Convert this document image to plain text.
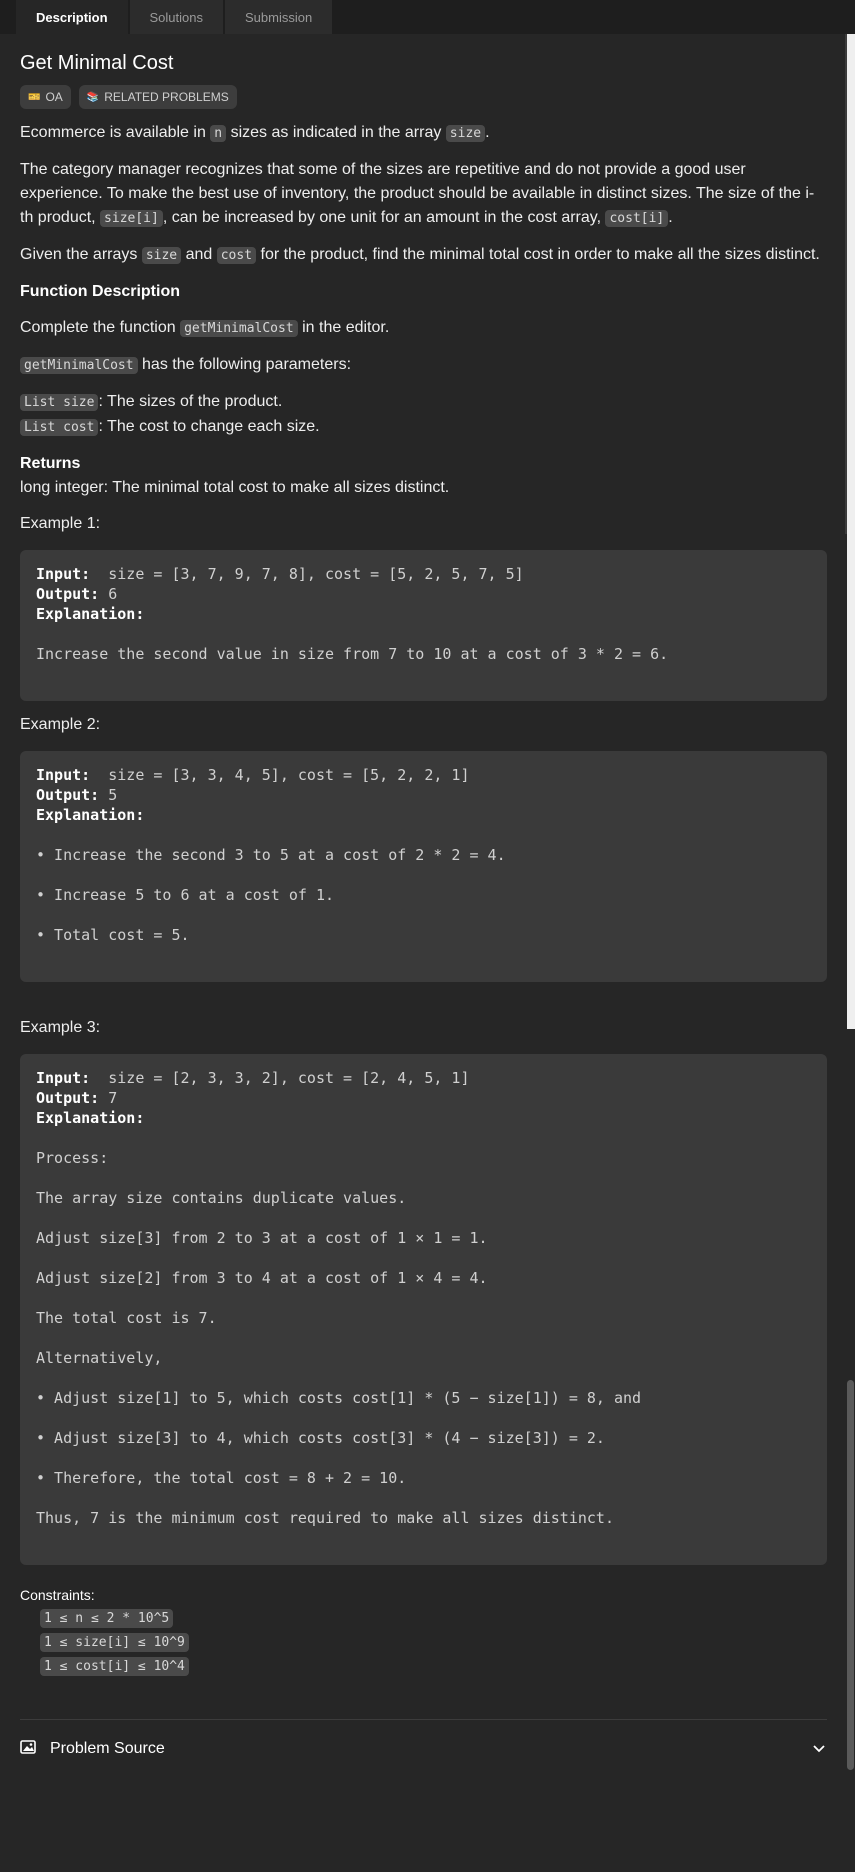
Description	Solutions	Submission
Get Minimal Cost
🎫 OA 📚 RELATED PROBLEMS

Ecommerce is available in n sizes as indicated in the array size .

The category manager recognizes that some of the sizes are repetitive and do not provide a good user experience. To make the best use of inventory, the product should be available in distinct sizes. The size of the i-th product, size[i] , can be increased by one unit for an amount in the cost array, cost[i] .

Given the arrays size and cost for the product, find the minimal total cost in order to make all the sizes distinct.

Function Description

Complete the function getMinimalCost in the editor.

getMinimalCost has the following parameters:

List size : The sizes of the product.

List cost : The cost to change each size.

Returns

long integer: The minimal total cost to make all sizes distinct.

Example 1:
Input: size = [3, 7, 9, 7, 8], cost = [5, 2, 5, 7, 5]
Output: 6
Explanation:
Increase the second value in size from 7 to 10 at a cost of 3 * 2 = 6.
Example 2:
Input: size = [3, 3, 4, 5], cost = [5, 2, 2, 1]
Output: 5
Explanation:
• Increase the second 3 to 5 at a cost of 2 * 2 = 4.
• Increase 5 to 6 at a cost of 1.
• Total cost = 5.
Example 3:
Input: size = [2, 3, 3, 2], cost = [2, 4, 5, 1]
Output: 7
Explanation:
Process:
The array size contains duplicate values.
Adjust size[3] from 2 to 3 at a cost of 1 × 1 = 1.
Adjust size[2] from 3 to 4 at a cost of 1 × 4 = 4.
The total cost is 7.
Alternatively,
• Adjust size[1] to 5, which costs cost[1] * (5 − size[1]) = 8, and
• Adjust size[3] to 4, which costs cost[3] * (4 − size[3]) = 2.
• Therefore, the total cost = 8 + 2 = 10.
Thus, 7 is the minimum cost required to make all sizes distinct.
Constraints:
1 ≤ n ≤ 2 * 10^5
1 ≤ size[i] ≤ 10^9
1 ≤ cost[i] ≤ 10^4
Problem Source
